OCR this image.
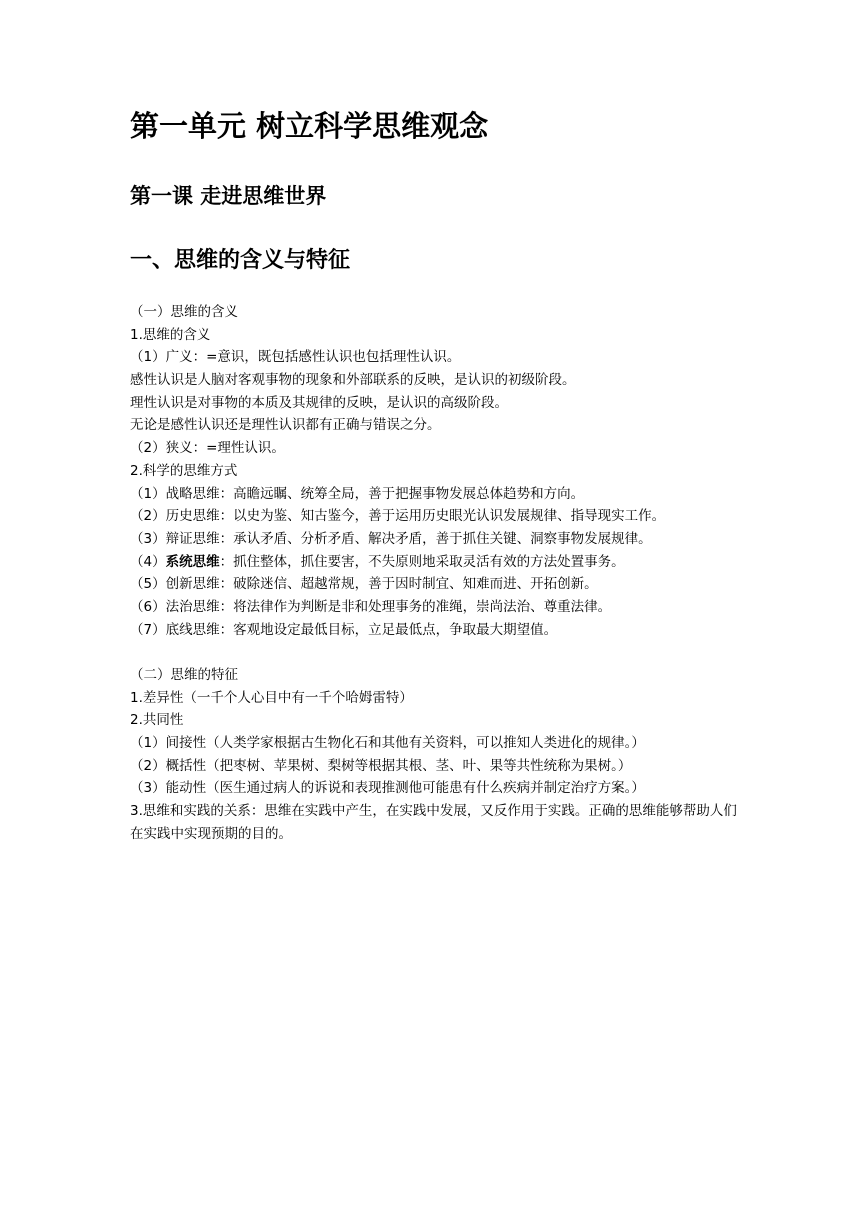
第一单元 树立科学思维观念
第一课 走进思维世界
一、思维的含义与特征
（一）思维的含义
1.思维的含义
（1）广义：=意识，既包括感性认识也包括理性认识。
感性认识是人脑对客观事物的现象和外部联系的反映，是认识的初级阶段。
理性认识是对事物的本质及其规律的反映，是认识的高级阶段。
无论是感性认识还是理性认识都有正确与错误之分。
（2）狭义：=理性认识。
2.科学的思维方式
（1）战略思维：高瞻远瞩、统筹全局，善于把握事物发展总体趋势和方向。
（2）历史思维：以史为鉴、知古鉴今，善于运用历史眼光认识发展规律、指导现实工作。
（3）辩证思维：承认矛盾、分析矛盾、解决矛盾，善于抓住关键、洞察事物发展规律。
（4）系统思维：抓住整体，抓住要害，不失原则地采取灵活有效的方法处置事务。
（5）创新思维：破除迷信、超越常规，善于因时制宜、知难而进、开拓创新。
（6）法治思维：将法律作为判断是非和处理事务的准绳，崇尚法治、尊重法律。
（7）底线思维：客观地设定最低目标，立足最低点，争取最大期望值。
（二）思维的特征
1.差异性（一千个人心目中有一千个哈姆雷特）
2.共同性
（1）间接性（人类学家根据古生物化石和其他有关资料，可以推知人类进化的规律。）
（2）概括性（把枣树、苹果树、梨树等根据其根、茎、叶、果等共性统称为果树。）
（3）能动性（医生通过病人的诉说和表现推测他可能患有什么疾病并制定治疗方案。）
3.思维和实践的关系：思维在实践中产生，在实践中发展，又反作用于实践。正确的思维能够帮助人们在实践中实现预期的目的。
